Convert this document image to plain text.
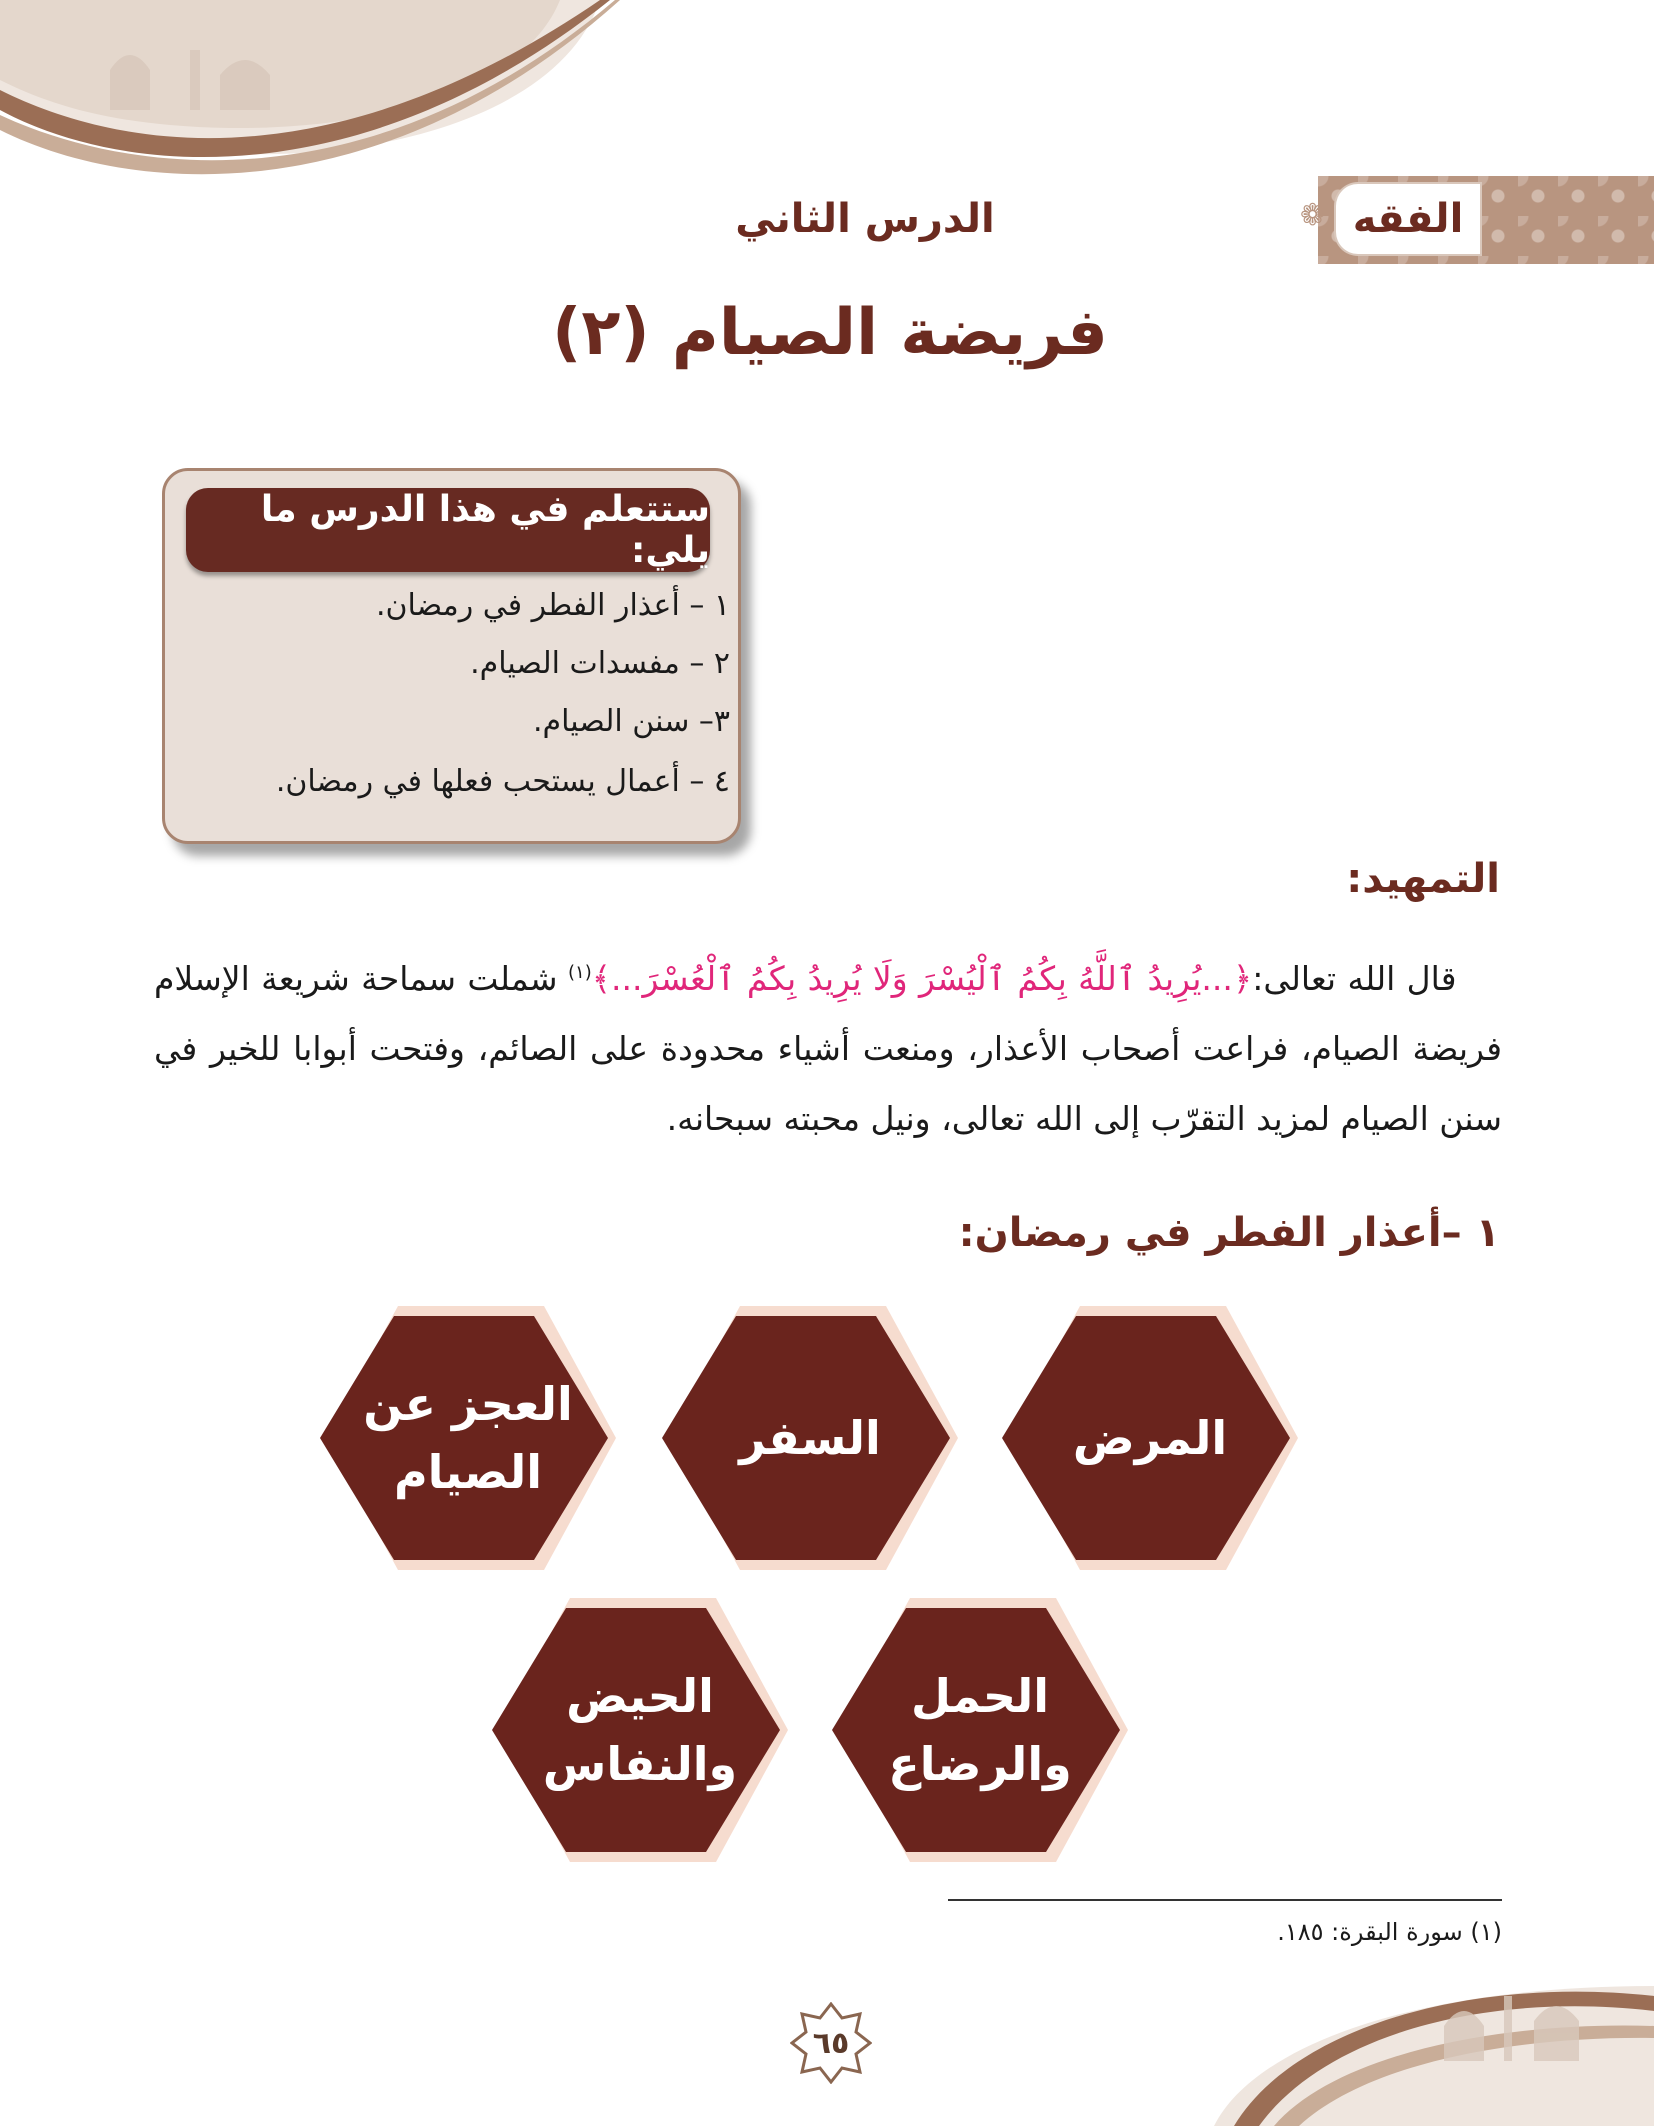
❁ الفقه
الدرس الثاني
فريضة الصيام (٢)
ستتعلم في هذا الدرس ما يلي:
١ – أعذار الفطر في رمضان.
٢ – مفسدات الصيام.
٣– سنن الصيام.
٤ – أعمال يستحب فعلها في رمضان.
التمهيد:
قال الله تعالى:﴿...يُرِيدُ ٱللَّهُ بِكُمُ ٱلْيُسْرَ وَلَا يُرِيدُ بِكُمُ ٱلْعُسْرَ...﴾$^{(١)}$ شملت سماحة شريعة الإسلام فريضة الصيام، فراعت أصحاب الأعذار، ومنعت أشياء محدودة على الصائم، وفتحت أبوابا للخير في سنن الصيام لمزيد التقرّب إلى الله تعالى، ونيل محبته سبحانه.
١ –أعذار الفطر في رمضان:
المرض
السفر
العجز عن
الصيام
الحمل
والرضاع
الحيض
والنفاس
(١) سورة البقرة: ١٨٥.
٦٥
